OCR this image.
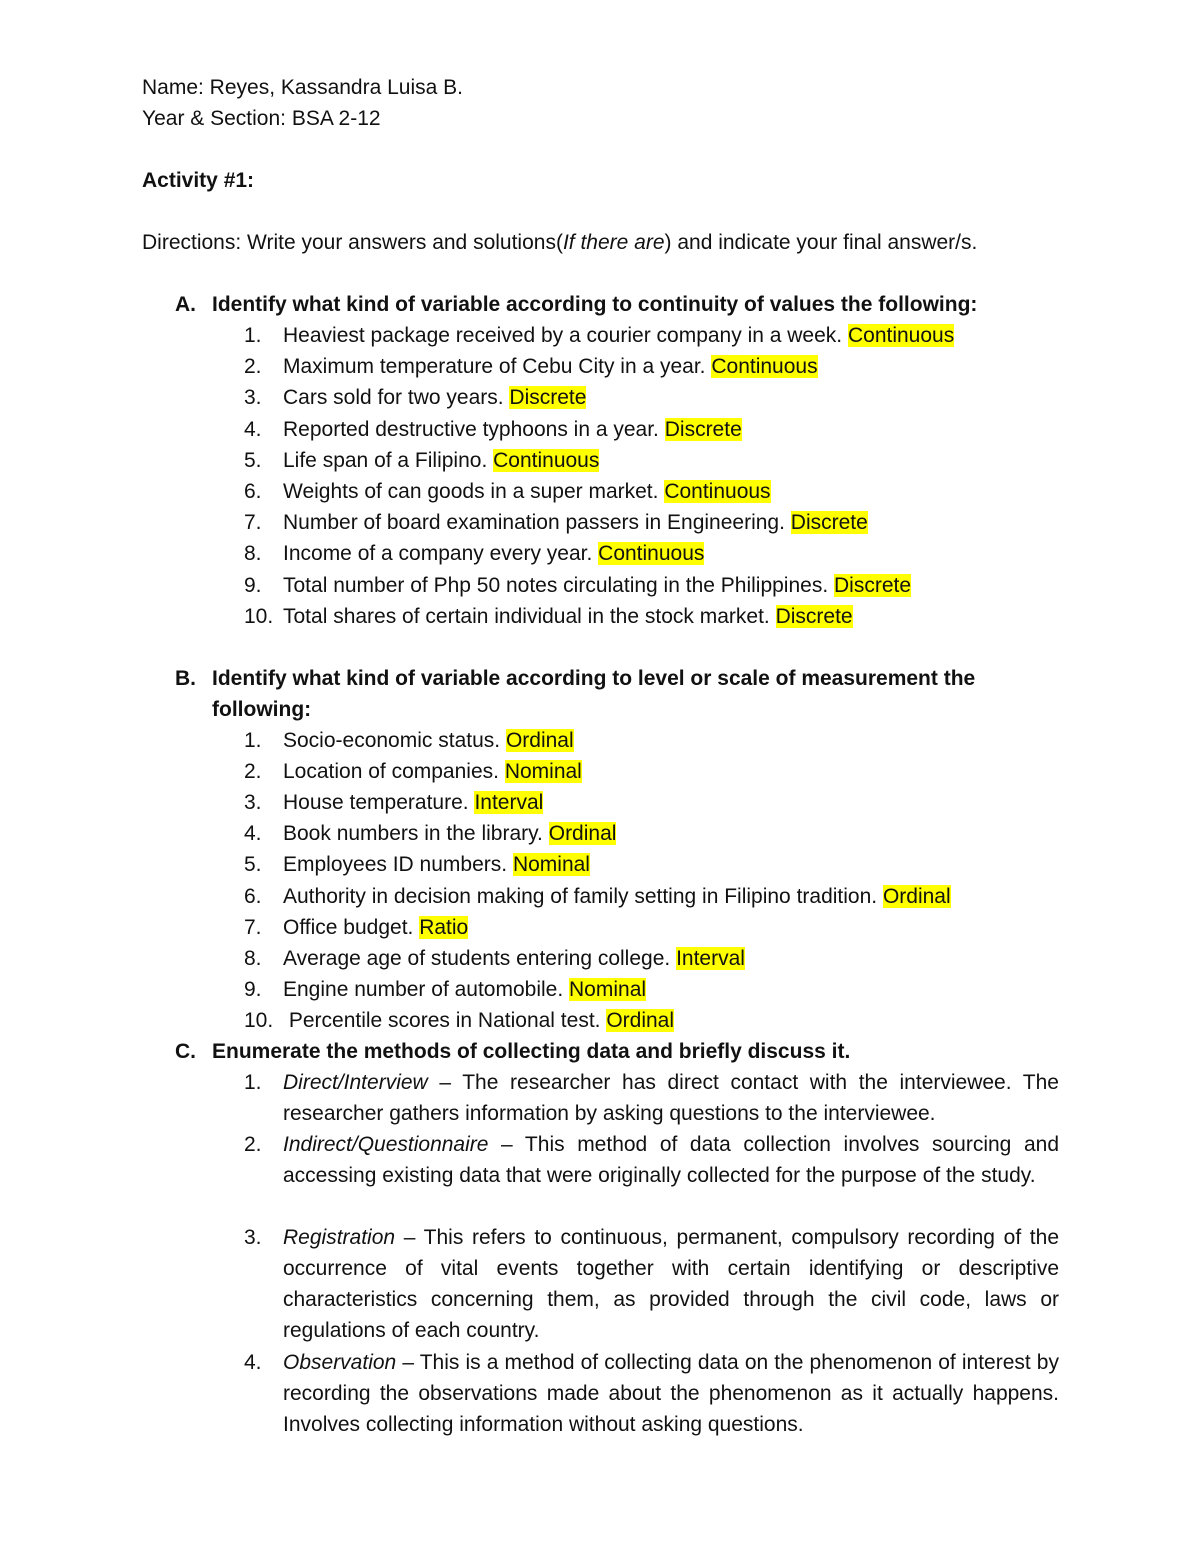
Name: Reyes, Kassandra Luisa B.
Year & Section: BSA 2-12
Activity #1:
Directions: Write your answers and solutions(If there are) and indicate your final answer/s.
A. Identify what kind of variable according to continuity of values the following:
1. Heaviest package received by a courier company in a week. Continuous
2. Maximum temperature of Cebu City in a year. Continuous
3. Cars sold for two years. Discrete
4. Reported destructive typhoons in a year. Discrete
5. Life span of a Filipino. Continuous
6. Weights of can goods in a super market. Continuous
7. Number of board examination passers in Engineering. Discrete
8. Income of a company every year. Continuous
9. Total number of Php 50 notes circulating in the Philippines. Discrete
10. Total shares of certain individual in the stock market. Discrete
B. Identify what kind of variable according to level or scale of measurement the
following:
1. Socio-economic status. Ordinal
2. Location of companies. Nominal
3. House temperature. Interval
4. Book numbers in the library. Ordinal
5. Employees ID numbers. Nominal
6. Authority in decision making of family setting in Filipino tradition. Ordinal
7. Office budget. Ratio
8. Average age of students entering college. Interval
9. Engine number of automobile. Nominal
10. Percentile scores in National test. Ordinal
C. Enumerate the methods of collecting data and briefly discuss it.
1. Direct/Interview – The researcher has direct contact with the interviewee. The researcher gathers information by asking questions to the interviewee.
2. Indirect/Questionnaire – This method of data collection involves sourcing and accessing existing data that were originally collected for the purpose of the study.
3. Registration – This refers to continuous, permanent, compulsory recording of the occurrence of vital events together with certain identifying or descriptive characteristics concerning them, as provided through the civil code, laws or regulations of each country.
4. Observation – This is a method of collecting data on the phenomenon of interest by recording the observations made about the phenomenon as it actually happens. Involves collecting information without asking questions.
